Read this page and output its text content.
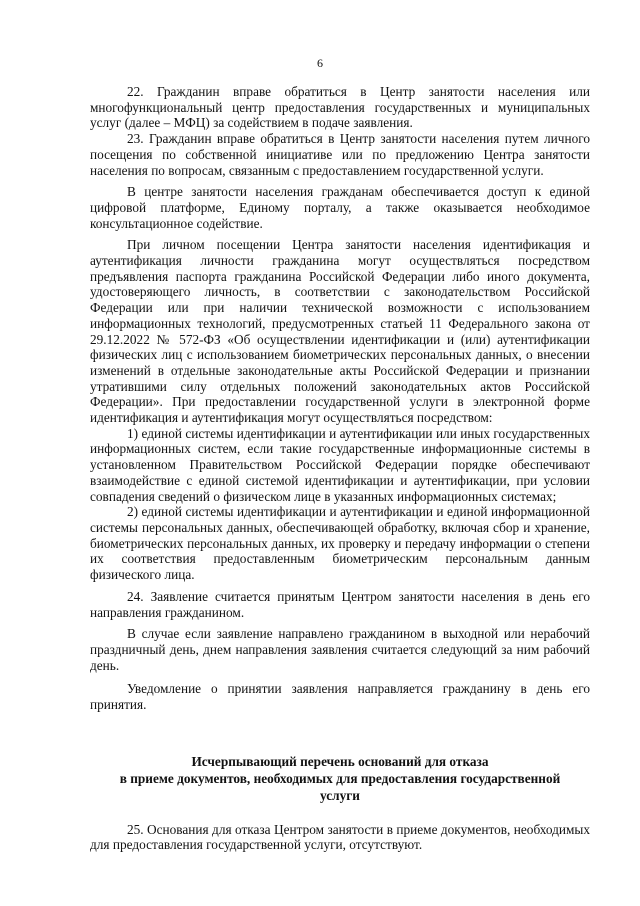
6

22. Гражданин вправе обратиться в Центр занятости населения или многофункциональный центр предоставления государственных и муниципальных услуг (далее – МФЦ) за содействием в подаче заявления.

23. Гражданин вправе обратиться в Центр занятости населения путем личного посещения по собственной инициативе или по предложению Центра занятости населения по вопросам, связанным с предоставлением государственной услуги.

В центре занятости населения гражданам обеспечивается доступ к единой цифровой платформе, Единому порталу, а также оказывается необходимое консультационное содействие.

При личном посещении Центра занятости населения идентификация и аутентификация личности гражданина могут осуществляться посредством предъявления паспорта гражданина Российской Федерации либо иного документа, удостоверяющего личность, в соответствии с законодательством Российской Федерации или при наличии технической возможности с использованием информационных технологий, предусмотренных статьей 11 Федерального закона от 29.12.2022 № 572-ФЗ «Об осуществлении идентификации и (или) аутентификации физических лиц с использованием биометрических персональных данных, о внесении изменений в отдельные законодательные акты Российской Федерации и признании утратившими силу отдельных положений законодательных актов Российской Федерации». При предоставлении государственной услуги в электронной форме идентификация и аутентификация могут осуществляться посредством:

1) единой системы идентификации и аутентификации или иных государственных информационных систем, если такие государственные информационные системы в установленном Правительством Российской Федерации порядке обеспечивают взаимодействие с единой системой идентификации и аутентификации, при условии совпадения сведений о физическом лице в указанных информационных системах;

2) единой системы идентификации и аутентификации и единой информационной системы персональных данных, обеспечивающей обработку, включая сбор и хранение, биометрических персональных данных, их проверку и передачу информации о степени их соответствия предоставленным биометрическим персональным данным физического лица.

24. Заявление считается принятым Центром занятости населения в день его направления гражданином.

В случае если заявление направлено гражданином в выходной или нерабочий праздничный день, днем направления заявления считается следующий за ним рабочий день.

Уведомление о принятии заявления направляется гражданину в день его принятия.

Исчерпывающий перечень оснований для отказа
в приеме документов, необходимых для предоставления государственной
услуги

25. Основания для отказа Центром занятости в приеме документов, необходимых для предоставления государственной услуги, отсутствуют.
